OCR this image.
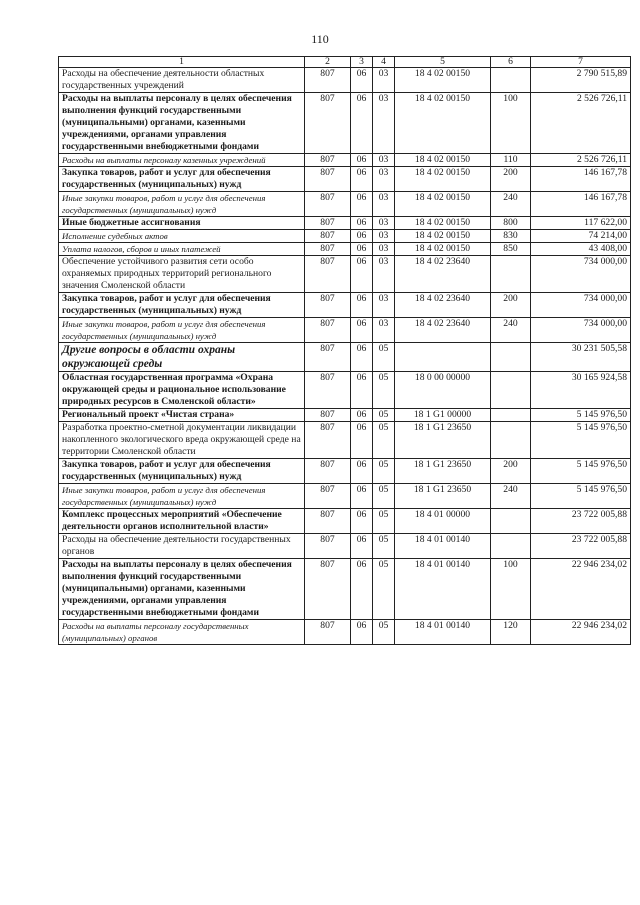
110
1	2	3	4	5	6	7
Расходы на обеспечение деятельности областных государственных учреждений	807	06	03	18 4 02 00150		2 790 515,89
Расходы на выплаты персоналу в целях обеспечения выполнения функций государственными (муниципальными) органами, казенными учреждениями, органами управления государственными внебюджетными фондами	807	06	03	18 4 02 00150	100	2 526 726,11
Расходы на выплаты персоналу казенных учреждений	807	06	03	18 4 02 00150	110	2 526 726,11
Закупка товаров, работ и услуг для обеспечения государственных (муниципальных) нужд	807	06	03	18 4 02 00150	200	146 167,78
Иные закупки товаров, работ и услуг для обеспечения государственных (муниципальных) нужд	807	06	03	18 4 02 00150	240	146 167,78
Иные бюджетные ассигнования	807	06	03	18 4 02 00150	800	117 622,00
Исполнение судебных актов	807	06	03	18 4 02 00150	830	74 214,00
Уплата налогов, сборов и иных платежей	807	06	03	18 4 02 00150	850	43 408,00
Обеспечение устойчивого развития сети особо охраняемых природных территорий регионального значения Смоленской области	807	06	03	18 4 02 23640		734 000,00
Закупка товаров, работ и услуг для обеспечения государственных (муниципальных) нужд	807	06	03	18 4 02 23640	200	734 000,00
Иные закупки товаров, работ и услуг для обеспечения государственных (муниципальных) нужд	807	06	03	18 4 02 23640	240	734 000,00
Другие вопросы в области охраны окружающей среды	807	06	05			30 231 505,58
Областная государственная программа «Охрана окружающей среды и рациональное использование природных ресурсов в Смоленской области»	807	06	05	18 0 00 00000		30 165 924,58
Региональный проект «Чистая страна»	807	06	05	18 1 G1 00000		5 145 976,50
Разработка проектно-сметной документации ликвидации накопленного экологического вреда окружающей среде на территории Смоленской области	807	06	05	18 1 G1 23650		5 145 976,50
Закупка товаров, работ и услуг для обеспечения государственных (муниципальных) нужд	807	06	05	18 1 G1 23650	200	5 145 976,50
Иные закупки товаров, работ и услуг для обеспечения государственных (муниципальных) нужд	807	06	05	18 1 G1 23650	240	5 145 976,50
Комплекс процессных мероприятий «Обеспечение деятельности органов исполнительной власти»	807	06	05	18 4 01 00000		23 722 005,88
Расходы на обеспечение деятельности государственных органов	807	06	05	18 4 01 00140		23 722 005,88
Расходы на выплаты персоналу в целях обеспечения выполнения функций государственными (муниципальными) органами, казенными учреждениями, органами управления государственными внебюджетными фондами	807	06	05	18 4 01 00140	100	22 946 234,02
Расходы на выплаты персоналу государственных (муниципальных) органов	807	06	05	18 4 01 00140	120	22 946 234,02
